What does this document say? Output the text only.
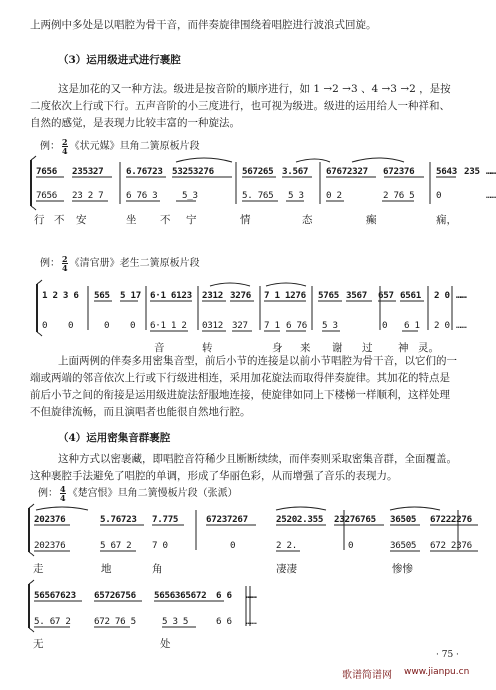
上两例中多处是以唱腔为骨干音，而伴奏旋律围绕着唱腔进行波浪式回旋。
（3）运用级进式进行裹腔
这是加花的又一种方法。级进是按音阶的顺序进行，如 1 →2 →3 、4 →3 →2 ，是按
二度依次上行或下行。五声音阶的小三度进行，也可视为级进。级进的运用给人一种祥和、
自然的感觉，是表现力比较丰富的一种旋法。
例： $\frac{2}{4}$ 《状元媒》旦角二簧原板片段
7656 235327 6.76723 53253276	567265 3.567 67672327 672376 5643 235 ……
7656 23 2 7 6 76 3	5_3	5. 765 5 3 0 2	2 76 5 0	……
行 不 安	坐 不 宁	情	态	癫	痫，
例： $\frac{2}{4}$ 《清官册》老生二簧原板片段
1 2 3 6 565 5 17 6·1 6123 2312 3276 7 1 1276 5765 3567 657 6561 2 0 ……
0 0	0 0 6·1 1 2 0312 327 7 1 6 76 5 3	0 6 1 2 0 ……
音	转	身 来 谢 过 神 灵。
上面两例的伴奏多用密集音型，前后小节的连接是以前小节唱腔为骨干音，以它们的一
端或两端的邻音依次上行或下行级进相连，采用加花旋法而取得伴奏旋律。其加花的特点是
前后小节之间的衔接是运用级进旋法舒服地连接，使旋律如同上下楼梯一样顺利，这样处理
不但旋律流畅，而且演唱者也能很自然地行腔。
（4）运用密集音群裹腔
这种方式以密裹藏，即唱腔音符稀少且断断续续，而伴奏则采取密集音群，全面覆盖。
这种裹腔手法避免了唱腔的单调，形成了华丽色彩，从而增强了音乐的表现力。
例： $\frac{4}{4}$ 《楚宫恨》旦角二簧慢板片段（张派）
202376	5.76723 7.775	67237267	25202.355 23276765 36505 67222276
202376	5 67 2 7 0	0	2 2.	0	36505 672 2376
走	地	角	凄凄	惨惨
56567623 65726756 5656365672 6 6 ……
5. 67 2	672 76 5	5 3 5	6 6 ……
无	处
· 75 ·
歌谱简谱网 www.jianpu.cn
